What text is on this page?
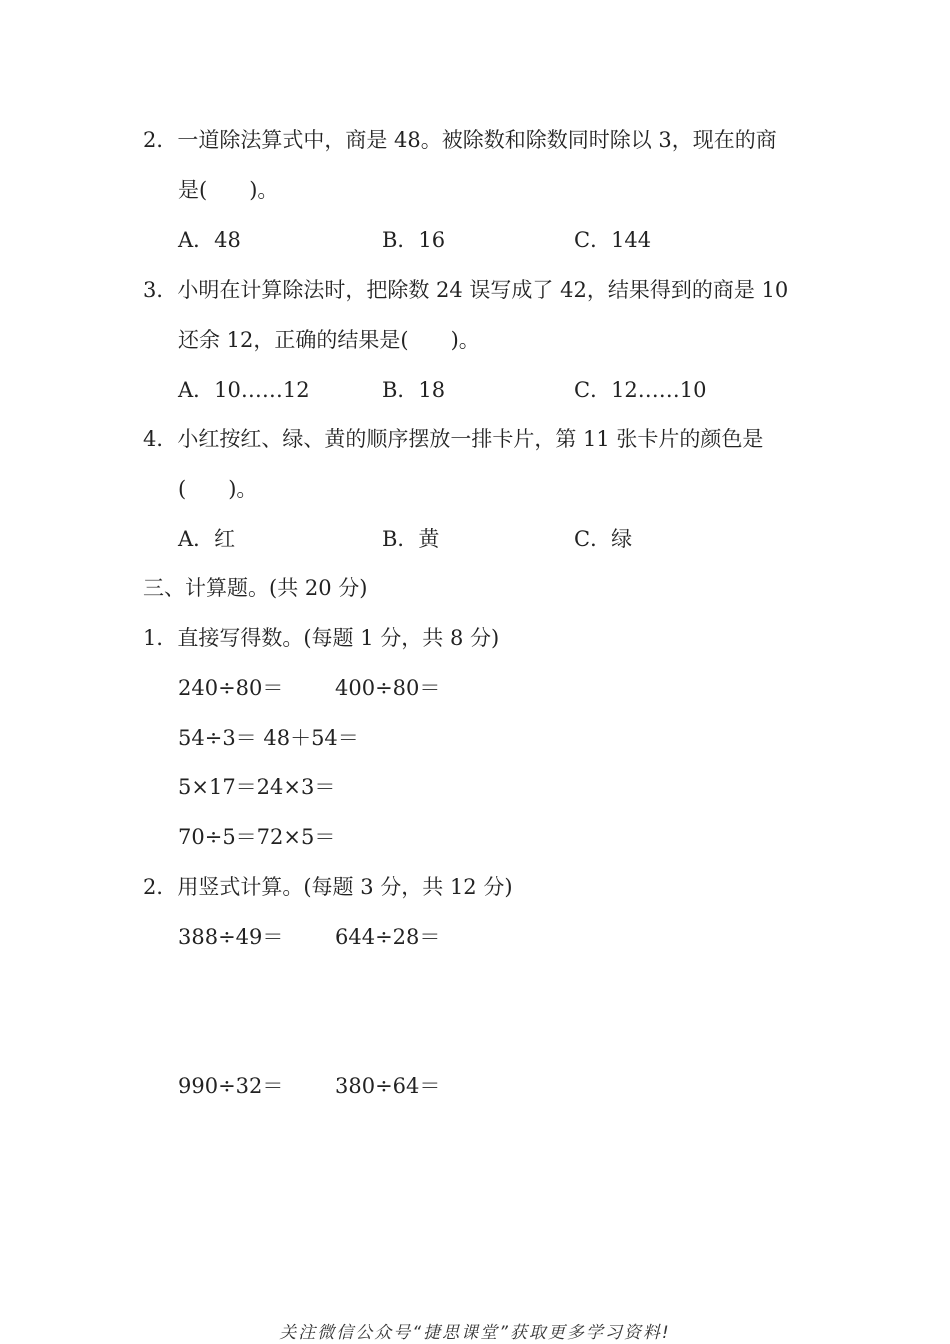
2．一道除法算式中，商是 48。被除数和除数同时除以 3，现在的商
是(　　)。
A．48	B．16	C．144
3．小明在计算除法时，把除数 24 误写成了 42，结果得到的商是 10
还余 12，正确的结果是(　　)。
A．10……12	B．18	C．12……10
4．小红按红、绿、黄的顺序摆放一排卡片，第 11 张卡片的颜色是
(　　)。
A．红	B．黄	C．绿
三、计算题。(共 20 分)
1．直接写得数。(每题 1 分，共 8 分)
240÷80＝ 400÷80＝
54÷3＝ 48＋54＝
5×17＝24×3＝
70÷5＝72×5＝
2．用竖式计算。(每题 3 分，共 12 分)
388÷49＝ 644÷28＝
990÷32＝ 380÷64＝
关注微信公众号“捷思课堂”获取更多学习资料!
